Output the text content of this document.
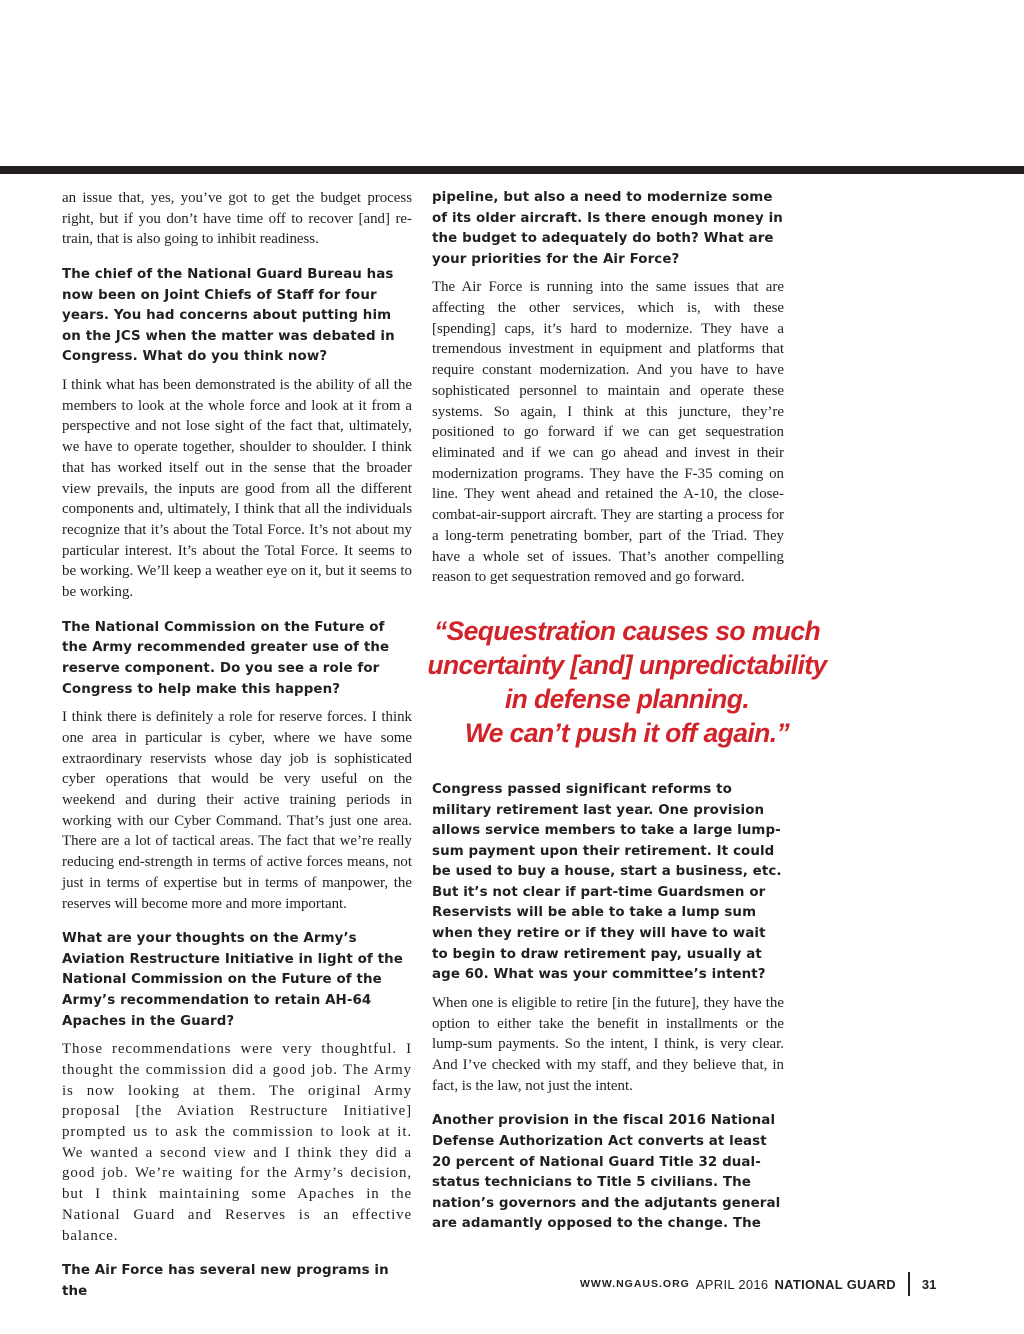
an issue that, yes, you’ve got to get the budget process right, but if you don’t have time off to recover [and] re-train, that is also going to inhibit readiness.

The chief of the National Guard Bureau has now been on Joint Chiefs of Staff for four years. You had concerns about putting him on the JCS when the matter was debated in Congress. What do you think now?

I think what has been demonstrated is the ability of all the members to look at the whole force and look at it from a perspective and not lose sight of the fact that, ultimately, we have to operate together, shoulder to shoulder. I think that has worked itself out in the sense that the broader view prevails, the inputs are good from all the different components and, ultimately, I think that all the individuals recognize that it’s about the Total Force. It’s not about my particular interest. It’s about the Total Force. It seems to be working. We’ll keep a weather eye on it, but it seems to be working.

The National Commission on the Future of the Army recommended greater use of the reserve component. Do you see a role for Congress to help make this happen?

I think there is definitely a role for reserve forces. I think one area in particular is cyber, where we have some extraordinary reservists whose day job is sophisticated cyber operations that would be very useful on the weekend and during their active training periods in working with our Cyber Command. That’s just one area. There are a lot of tactical areas. The fact that we’re really reducing end-strength in terms of active forces means, not just in terms of expertise but in terms of manpower, the reserves will become more and more important.

What are your thoughts on the Army’s Aviation Restructure Initiative in light of the National Commission on the Future of the Army’s recommendation to retain AH-64 Apaches in the Guard?

Those recommendations were very thoughtful. I thought the commission did a good job. The Army is now looking at them. The original Army proposal [the Aviation Restructure Initiative] prompted us to ask the commission to look at it. We wanted a second view and I think they did a good job. We’re waiting for the Army’s decision, but I think maintaining some Apaches in the National Guard and Reserves is an effective balance.

The Air Force has several new programs in the

pipeline, but also a need to modernize some of its older aircraft. Is there enough money in the budget to adequately do both? What are your priorities for the Air Force?

The Air Force is running into the same issues that are affecting the other services, which is, with these [spending] caps, it’s hard to modernize. They have a tremendous investment in equipment and platforms that require constant modernization. And you have to have sophisticated personnel to maintain and operate these systems. So again, I think at this juncture, they’re positioned to go forward if we can get sequestration eliminated and if we can go ahead and invest in their modernization programs. They have the F-35 coming on line. They went ahead and retained the A-10, the close-combat-air-support aircraft. They are starting a process for a long-term penetrating bomber, part of the Triad. They have a whole set of issues. That’s another compelling reason to get sequestration removed and go forward.

“Sequestration causes so much
uncertainty [and] unpredictability
in defense planning.
We can’t push it off again.”

Congress passed significant reforms to military retirement last year. One provision allows service members to take a large lump-sum payment upon their retirement. It could be used to buy a house, start a business, etc. But it’s not clear if part-time Guardsmen or Reservists will be able to take a lump sum when they retire or if they will have to wait to begin to draw retirement pay, usually at age 60. What was your committee’s intent?

When one is eligible to retire [in the future], they have the option to either take the benefit in installments or the lump-sum payments. So the intent, I think, is very clear. And I’ve checked with my staff, and they believe that, in fact, is the law, not just the intent.

Another provision in the fiscal 2016 National Defense Authorization Act converts at least 20 percent of National Guard Title 32 dual-status technicians to Title 5 civilians. The nation’s governors and the adjutants general are adamantly opposed to the change. The

WWW.NGAUS.ORG APRIL 2016 NATIONAL GUARD 31
